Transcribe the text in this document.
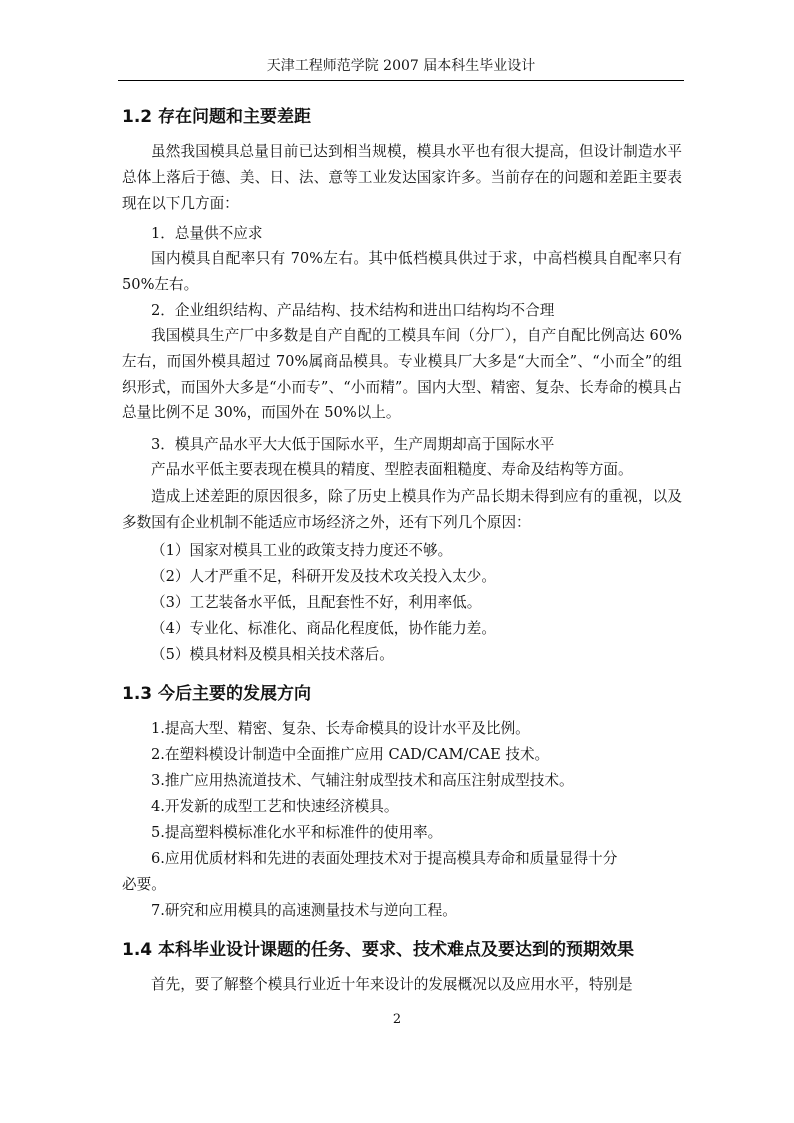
天津工程师范学院 2007 届本科生毕业设计
1.2 存在问题和主要差距

虽然我国模具总量目前已达到相当规模，模具水平也有很大提高，但设计制造水平总体上落后于德、美、日、法、意等工业发达国家许多。当前存在的问题和差距主要表现在以下几方面：

1．总量供不应求

国内模具自配率只有 70%左右。其中低档模具供过于求，中高档模具自配率只有 50%左右。

2．企业组织结构、产品结构、技术结构和进出口结构均不合理

我国模具生产厂中多数是自产自配的工模具车间（分厂），自产自配比例高达 60%左右，而国外模具超过 70%属商品模具。专业模具厂大多是“大而全”、“小而全”的组织形式，而国外大多是“小而专”、“小而精”。国内大型、精密、复杂、长寿命的模具占总量比例不足 30%，而国外在 50%以上。

3．模具产品水平大大低于国际水平，生产周期却高于国际水平
产品水平低主要表现在模具的精度、型腔表面粗糙度、寿命及结构等方面。

造成上述差距的原因很多，除了历史上模具作为产品长期未得到应有的重视，以及多数国有企业机制不能适应市场经济之外，还有下列几个原因：

（1）国家对模具工业的政策支持力度还不够。
（2）人才严重不足，科研开发及技术攻关投入太少。
（3）工艺装备水平低，且配套性不好，利用率低。
（4）专业化、标准化、商品化程度低，协作能力差。
（5）模具材料及模具相关技术落后。
1.3 今后主要的发展方向
1.提高大型、精密、复杂、长寿命模具的设计水平及比例。
2.在塑料模设计制造中全面推广应用 CAD/CAM/CAE 技术。
3.推广应用热流道技术、气辅注射成型技术和高压注射成型技术。
4.开发新的成型工艺和快速经济模具。
5.提高塑料模标准化水平和标准件的使用率。
6.应用优质材料和先进的表面处理技术对于提高模具寿命和质量显得十分
必要。
7.研究和应用模具的高速测量技术与逆向工程。
1.4 本科毕业设计课题的任务、要求、技术难点及要达到的预期效果
首先，要了解整个模具行业近十年来设计的发展概况以及应用水平，特别是
2
